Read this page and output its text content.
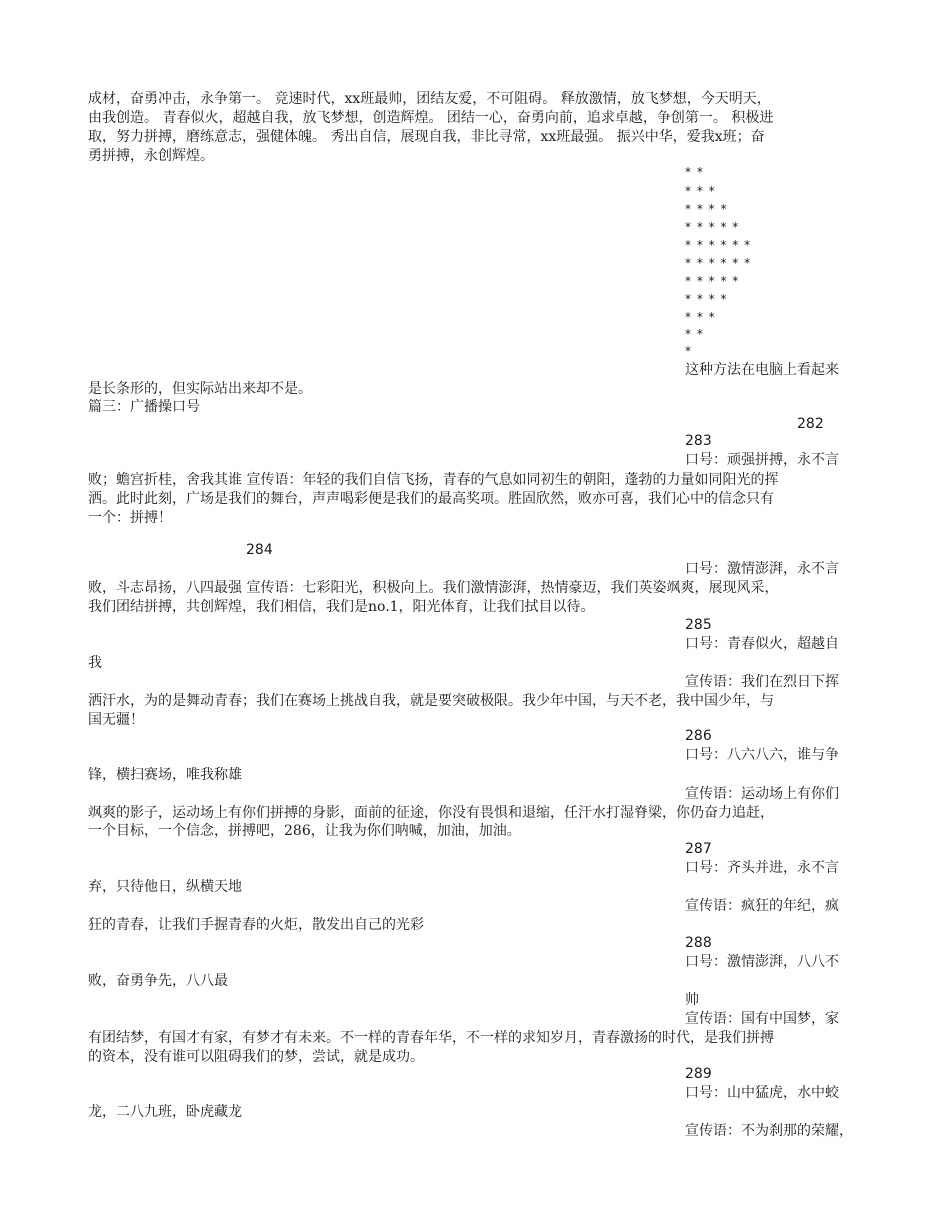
成材，奋勇冲击，永争第一。 竞速时代，xx班最帅，团结友爱，不可阻碍。 释放激情，放飞梦想，今天明天，
由我创造。 青春似火，超越自我，放飞梦想，创造辉煌。 团结一心，奋勇向前，追求卓越，争创第一。 积极进
取，努力拼搏，磨练意志，强健体魄。 秀出自信，展现自我，非比寻常，xx班最强。 振兴中华，爱我x班；奋
勇拼搏，永创辉煌。
* *
* * *
* * * *
* * * * *
* * * * * *
* * * * * *
* * * * *
* * * *
* * *
* *
*
这种方法在电脑上看起来
是长条形的，但实际站出来却不是。
篇三：广播操口号
282
283
口号：顽强拼搏，永不言
败；蟾宫折桂，舍我其谁 宣传语：年轻的我们自信飞扬，青春的气息如同初生的朝阳，蓬勃的力量如同阳光的挥
洒。此时此刻，广场是我们的舞台，声声喝彩便是我们的最高奖项。胜固欣然，败亦可喜，我们心中的信念只有
一个：拼搏！
284
口号：激情澎湃，永不言
败，斗志昂扬，八四最强 宣传语：七彩阳光，积极向上。我们激情澎湃，热情豪迈，我们英姿飒爽，展现风采，
我们团结拼搏，共创辉煌，我们相信，我们是no.1，阳光体育，让我们拭目以待。
285
口号：青春似火，超越自
我
宣传语：我们在烈日下挥
洒汗水，为的是舞动青春；我们在赛场上挑战自我，就是要突破极限。我少年中国，与天不老，我中国少年，与
国无疆！
286
口号：八六八六，谁与争
锋，横扫赛场，唯我称雄
宣传语：运动场上有你们
飒爽的影子，运动场上有你们拼搏的身影，面前的征途，你没有畏惧和退缩，任汗水打湿脊梁，你仍奋力追赶，
一个目标，一个信念，拼搏吧，286，让我为你们呐喊，加油，加油。
287
口号：齐头并进，永不言
弃，只待他日，纵横天地
宣传语：疯狂的年纪，疯
狂的青春，让我们手握青春的火炬，散发出自己的光彩
288
口号：激情澎湃，八八不
败，奋勇争先，八八最
帅
宣传语：国有中国梦，家
有团结梦，有国才有家，有梦才有未来。不一样的青春年华，不一样的求知岁月，青春激扬的时代，是我们拼搏
的资本，没有谁可以阻碍我们的梦，尝试，就是成功。
289
口号：山中猛虎，水中蛟
龙，二八九班，卧虎藏龙
宣传语：不为刹那的荣耀，
